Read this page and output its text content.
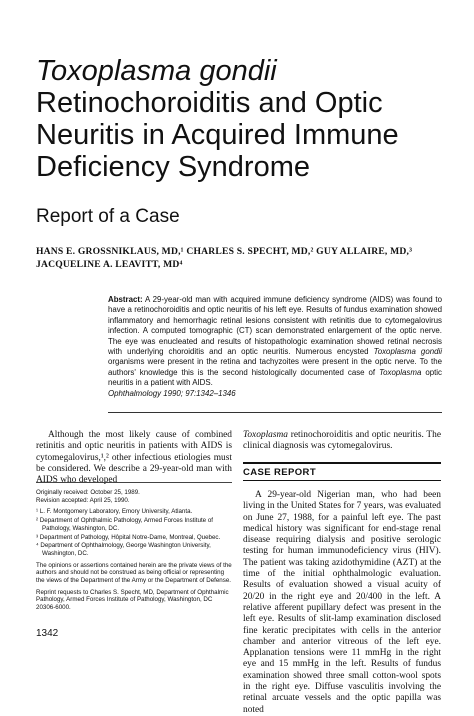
Toxoplasma gondii
Retinochoroiditis and Optic
Neuritis in Acquired Immune
Deficiency Syndrome
Report of a Case
HANS E. GROSSNIKLAUS, MD,¹ CHARLES S. SPECHT, MD,² GUY ALLAIRE, MD,³
JACQUELINE A. LEAVITT, MD⁴
Abstract: A 29-year-old man with acquired immune deficiency syndrome (AIDS) was found to have a retinochoroiditis and optic neuritis of his left eye. Results of fundus examination showed inflammatory and hemorrhagic retinal lesions consistent with retinitis due to cytomegalovirus infection. A computed tomographic (CT) scan demonstrated enlargement of the optic nerve. The eye was enucleated and results of histopathologic examination showed retinal necrosis with underlying choroiditis and an optic neuritis. Numerous encysted Toxoplasma gondii organisms were present in the retina and tachyzoites were present in the optic nerve. To the authors' knowledge this is the second histologically documented case of Toxoplasma optic neuritis in a patient with AIDS.
Ophthalmology 1990; 97:1342–1346
Although the most likely cause of combined retinitis and optic neuritis in patients with AIDS is cytomegalovirus,¹,² other infectious etiologies must be considered. We describe a 29-year-old man with AIDS who developed
Toxoplasma retinochoroiditis and optic neuritis. The clinical diagnosis was cytomegalovirus.
CASE REPORT
A 29-year-old Nigerian man, who had been living in the United States for 7 years, was evaluated on June 27, 1988, for a painful left eye. The past medical history was significant for end-stage renal disease requiring dialysis and positive serologic testing for human immunodeficiency virus (HIV). The patient was taking azidothymidine (AZT) at the time of the initial ophthalmologic evaluation. Results of evaluation showed a visual acuity of 20/20 in the right eye and 20/400 in the left. A relative afferent pupillary defect was present in the left eye. Results of slit-lamp examination disclosed fine keratic precipitates with cells in the anterior chamber and anterior vitreous of the left eye. Applanation tensions were 11 mmHg in the right eye and 15 mmHg in the left. Results of fundus examination showed three small cotton-wool spots in the right eye. Diffuse vasculitis involving the retinal arcuate vessels and the optic papilla was noted

Originally received: October 25, 1989.

Revision accepted: April 25, 1990.

¹ L. F. Montgomery Laboratory, Emory University, Atlanta.

² Department of Ophthalmic Pathology, Armed Forces Institute of Pathology, Washington, DC.

³ Department of Pathology, Hôpital Notre-Dame, Montreal, Quebec.

⁴ Department of Ophthalmology, George Washington University, Washington, DC.

The opinions or assertions contained herein are the private views of the authors and should not be construed as being official or representing the views of the Department of the Army or the Department of Defense.

Reprint requests to Charles S. Specht, MD, Department of Ophthalmic Pathology, Armed Forces Institute of Pathology, Washington, DC 20306-6000.

1342
